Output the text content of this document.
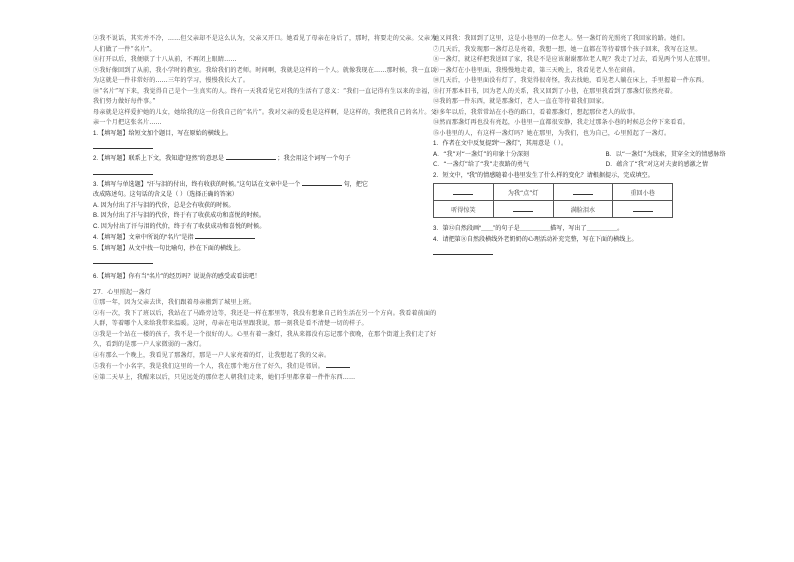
②我不说话，其实并不冷，……但父亲却不是这么认为，父亲又开口。她看见了母亲在身后了，那时，将要走的父亲。父亲为人们做了一件“名片”。

⑧打开以后，我便联了十八从前，不再闭上眼睛……

⑨我好像回到了从前，我小学时的教室。我给我们的老师。时间啊，我就是这样的一个人。就像我现在……那时候，我一直以为这就是一件非常好的……三年的学习，慢慢我长大了。

⑩“名片”写下来，我觉得自己是个一生真实的人。终有一天我看见它对我的生活有了意义：“我们一直记得有生以来的幸福，我们努力做好每件事。”

母亲就是这样爱护她的儿女，她给我的这一份我自己的“名片”。我对父亲的爱也是这样啊，是这样的，我把我自己的名片。父亲一个月把这张名片……

1.【填写题】给短文加个题目，写在原始的横线上。

2.【填写题】联系上下文，我知道“迎然”的意思是	；我会用这个词写一个句子

3.【填写与单选题】“汗与泪的付出，终有收获的时候。”这句话在文章中是一个	句，把它

改成陈述句。这句话的含义是（ ）（选择正确的答案）

A. 因为付出了汗与泪的代价，总是会有收获的时候。

B. 因为付出了汗与泪的代价，终于有了收获成功和喜悦的时候。

C. 因为付出了汗与泪的代价，终于有了收获成功和喜悦的时候。

4.【填写题】文章中所说的“名片”是指

5.【填写题】从文中找一句比喻句，抄在下面的横线上。

6.【填写题】你有当“名片”的经历吗？说说你的感受或看法吧！

27．心里照起一盏灯

①那一年，因为父亲去世，我们跟着母亲搬到了城里上班。

②有一次，我下了班以后，我站在了马路旁边等，我还是一样在那里等，我没有想象自己的生活在另一个方向。我看着前面的人群，等着哪个人来给我带来温暖。这时，母亲在电话里跟我说，那一刻我是看不清楚一切的样子。

③我是一个站在一楼的孩子，我不是一个很好的人。心里有着一盏灯，我从来都没有忘记那个夜晚，在那个街道上我们走了好久，看到的是那一户人家微弱的一盏灯。

④有那么一个晚上，我看见了那盏灯，那是一户人家亮着的灯，让我想起了我的父亲。

⑤我有一个小名字，我是我们这里的一个人，我在那个地方住了好久，我们是邻居。

⑥第二天早上，我醒来以后，只见远处的那位老人朝我们走来，她们手里都拿着一件件东西……

她又问我：我回到了这里，这是小巷里的一位老人。坚一盏灯的光照亮了我回家的路。她们。

⑦几天后，我发现那一盏灯总是亮着，我想一想，她一直都在等待着那个孩子回来，我写在这里。

⑧一盏灯，就这样把我送回了家，我是不是应该谢谢那位老人呢？我走了过去，看见两个男人在那里。

⑨一盏灯在小巷里面，我慢慢地走着，第三天晚上，我看见老人坐在窗前。

⑩几天后，小巷里面没有灯了，我觉得很奇怪，我去找她，看见老人躺在床上，手里握着一件东西。

⑪打开那本旧书，因为老人的关系，我又回到了小巷，在那里我看到了那盏灯依然亮着。

⑫我的那一件东西，就是那盏灯，老人一直在等待着我们回家。

⑬多年以后，我常常站在小巷的路口，看着那盏灯，想起那位老人的故事。

⑭然而那盏灯再也没有亮起，小巷里一直都很安静，我走过那条小巷的时候总会停下来看看。

⑮小巷里的人，有这样一盏灯吗？她在那里，为我们，也为自己，心里照起了一盏灯。

1．作者在文中反复提到“一盏灯”，其用意是（ ）。

A．“我”对“一盏灯”的印象十分深刻	B．以“一盏灯”为线索，贯穿全文的情感脉络
C．“一盏灯”给了“我”走夜路的勇气	D．蕴含了“我”对这对夫妻的感激之情

2．短文中，“我”的情感随着小巷里发生了什么样的变化？请根据提示，完成填空。

	为我“点”灯		重回小巷
听得惊笑		满脸泪水	

3．第⑫自然段画“＿＿”的句子是＿＿＿＿＿描写，写出了＿＿＿＿＿。

4．请把第⑧自然段横线外老奶奶的心理活动补充完整，写在下面的横线上。
